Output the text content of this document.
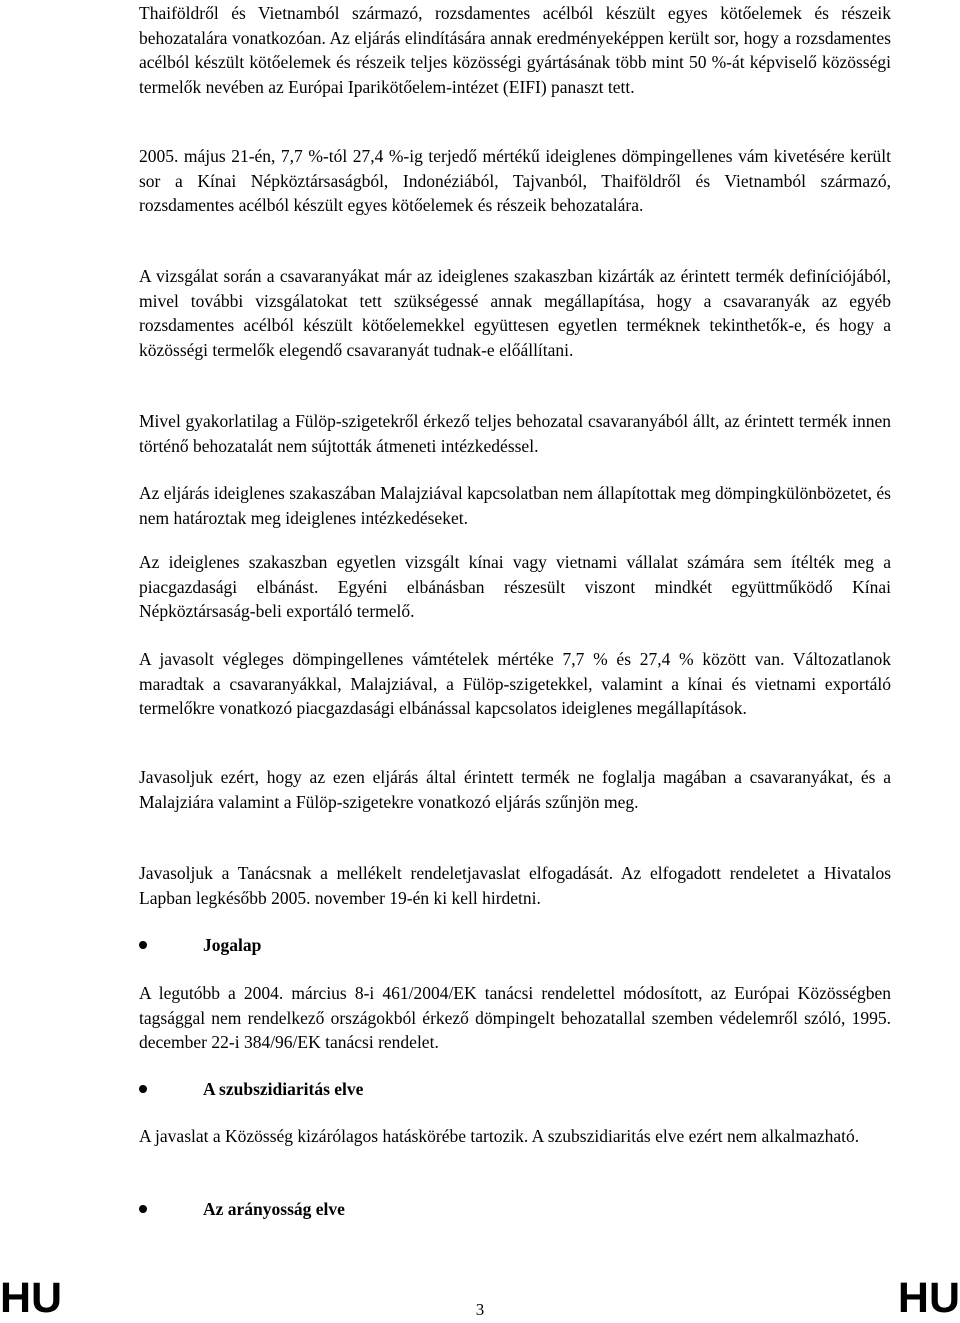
Thaiföldről és Vietnamból származó, rozsdamentes acélból készült egyes kötőelemek és részeik behozatalára vonatkozóan. Az eljárás elindítására annak eredményeképpen került sor, hogy a rozsdamentes acélból készült kötőelemek és részeik teljes közösségi gyártásának több mint 50 %-át képviselő közösségi termelők nevében az Európai Iparikötőelem-intézet (EIFI) panaszt tett.

2005. május 21-én, 7,7 %-tól 27,4 %-ig terjedő mértékű ideiglenes dömpingellenes vám kivetésére került sor a Kínai Népköztársaságból, Indonéziából, Tajvanból, Thaiföldről és Vietnamból származó, rozsdamentes acélból készült egyes kötőelemek és részeik behozatalára.

A vizsgálat során a csavaranyákat már az ideiglenes szakaszban kizárták az érintett termék definíciójából, mivel további vizsgálatokat tett szükségessé annak megállapítása, hogy a csavaranyák az egyéb rozsdamentes acélból készült kötőelemekkel együttesen egyetlen terméknek tekinthetők-e, és hogy a közösségi termelők elegendő csavaranyát tudnak-e előállítani.

Mivel gyakorlatilag a Fülöp-szigetekről érkező teljes behozatal csavaranyából állt, az érintett termék innen történő behozatalát nem sújtották átmeneti intézkedéssel.

Az eljárás ideiglenes szakaszában Malajziával kapcsolatban nem állapítottak meg dömpingkülönbözetet, és nem határoztak meg ideiglenes intézkedéseket.

Az ideiglenes szakaszban egyetlen vizsgált kínai vagy vietnami vállalat számára sem ítélték meg a piacgazdasági elbánást. Egyéni elbánásban részesült viszont mindkét együttműködő Kínai Népköztársaság-beli exportáló termelő.

A javasolt végleges dömpingellenes vámtételek mértéke 7,7 % és 27,4 % között van. Változatlanok maradtak a csavaranyákkal, Malajziával, a Fülöp-szigetekkel, valamint a kínai és vietnami exportáló termelőkre vonatkozó piacgazdasági elbánással kapcsolatos ideiglenes megállapítások.

Javasoljuk ezért, hogy az ezen eljárás által érintett termék ne foglalja magában a csavaranyákat, és a Malajziára valamint a Fülöp-szigetekre vonatkozó eljárás szűnjön meg.

Javasoljuk a Tanácsnak a mellékelt rendeletjavaslat elfogadását. Az elfogadott rendeletet a Hivatalos Lapban legkésőbb 2005. november 19-én ki kell hirdetni.

Jogalap

A legutóbb a 2004. március 8-i 461/2004/EK tanácsi rendelettel módosított, az Európai Közösségben tagsággal nem rendelkező országokból érkező dömpingelt behozatallal szemben védelemről szóló, 1995. december 22-i 384/96/EK tanácsi rendelet.

A szubszidiaritás elve

A javaslat a Közösség kizárólagos hatáskörébe tartozik. A szubszidiaritás elve ezért nem alkalmazható.

Az arányosság elve
HU	3	HU
